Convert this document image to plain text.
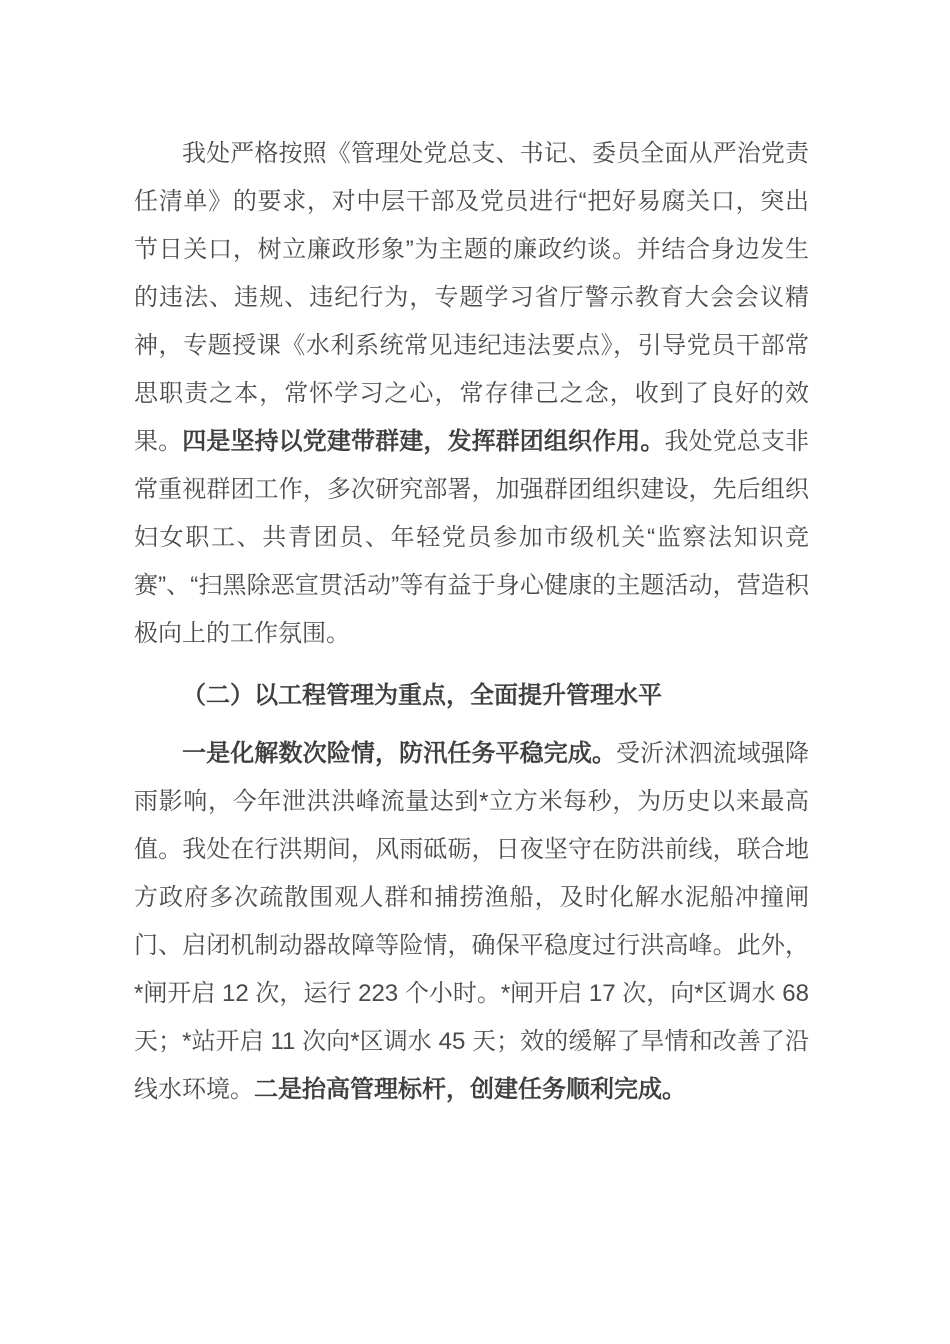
我处严格按照《管理处党总支、书记、委员全面从严治党责任清单》的要求，对中层干部及党员进行“把好易腐关口，突出节日关口，树立廉政形象”为主题的廉政约谈。并结合身边发生的违法、违规、违纪行为，专题学习省厅警示教育大会会议精神，专题授课《水利系统常见违纪违法要点》，引导党员干部常思职责之本，常怀学习之心，常存律己之念，收到了良好的效果。四是坚持以党建带群建，发挥群团组织作用。我处党总支非常重视群团工作，多次研究部署，加强群团组织建设，先后组织妇女职工、共青团员、年轻党员参加市级机关“监察法知识竞赛”、“扫黑除恶宣贯活动”等有益于身心健康的主题活动，营造积极向上的工作氛围。

（二）以工程管理为重点，全面提升管理水平

一是化解数次险情，防汛任务平稳完成。受沂沭泗流域强降雨影响，今年泄洪洪峰流量达到*立方米每秒，为历史以来最高值。我处在行洪期间，风雨砥砺，日夜坚守在防洪前线，联合地方政府多次疏散围观人群和捕捞渔船，及时化解水泥船冲撞闸门、启闭机制动器故障等险情，确保平稳度过行洪高峰。此外，*闸开启 12 次，运行 223 个小时。*闸开启 17 次，向*区调水 68 天；*站开启 11 次向*区调水 45 天；效的缓解了旱情和改善了沿线水环境。二是抬高管理标杆，创建任务顺利完成。
